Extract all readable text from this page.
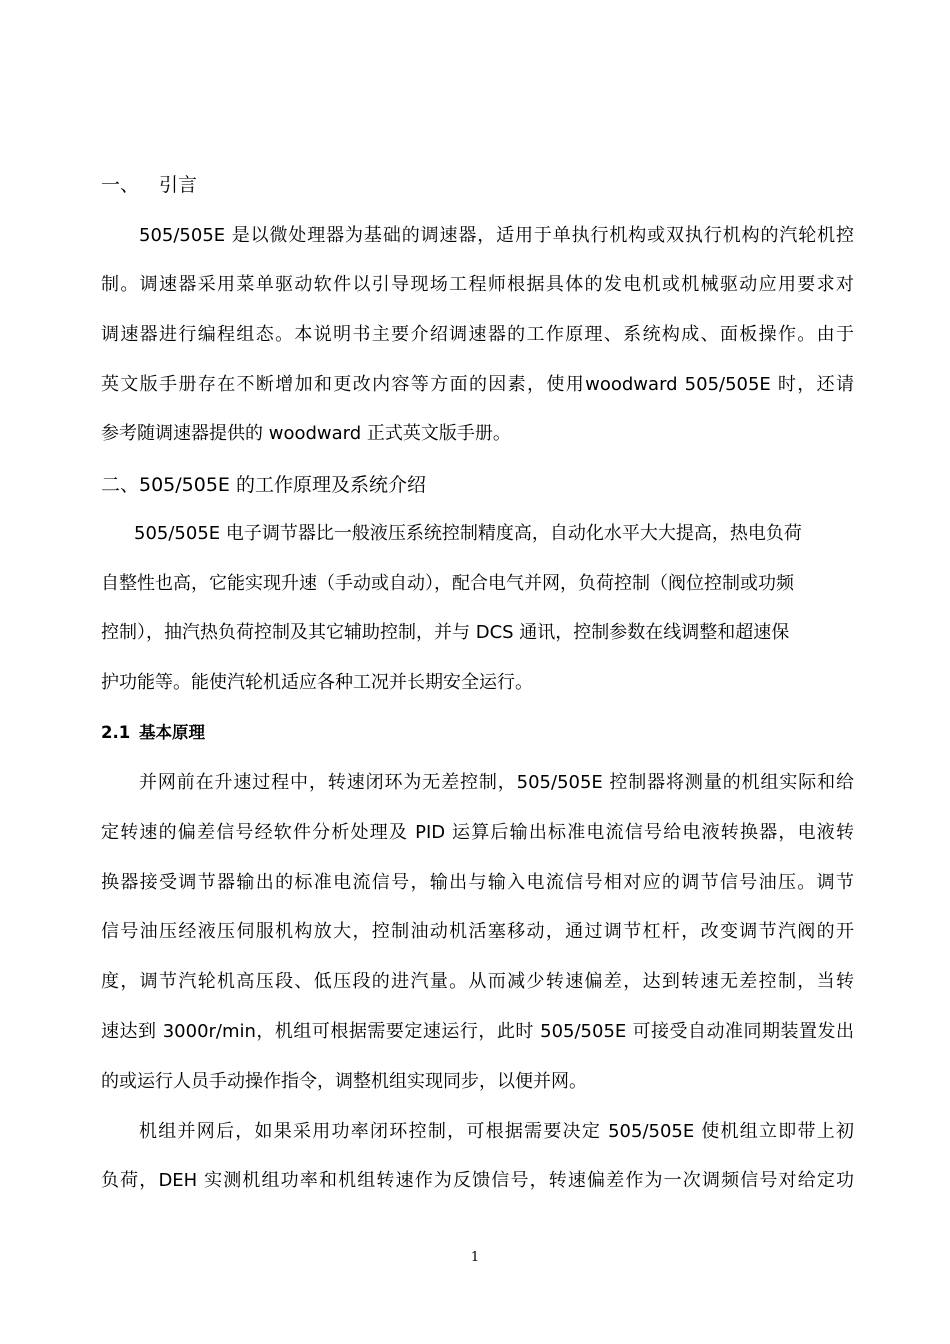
一、 引言

505/505E 是以微处理器为基础的调速器，适用于单执行机构或双执行机构的汽轮机控

制。调速器采用菜单驱动软件以引导现场工程师根据具体的发电机或机械驱动应用要求对

调速器进行编程组态。本说明书主要介绍调速器的工作原理、系统构成、面板操作。由于

英文版手册存在不断增加和更改内容等方面的因素，使用woodward 505/505E 时，还请

参考随调速器提供的 woodward 正式英文版手册。

二、505/505E 的工作原理及系统介绍

505/505E 电子调节器比一般液压系统控制精度高，自动化水平大大提高，热电负荷

自整性也高，它能实现升速（手动或自动），配合电气并网，负荷控制（阀位控制或功频

控制），抽汽热负荷控制及其它辅助控制，并与 DCS 通讯，控制参数在线调整和超速保

护功能等。能使汽轮机适应各种工况并长期安全运行。

2.1 基本原理

并网前在升速过程中，转速闭环为无差控制，505/505E 控制器将测量的机组实际和给

定转速的偏差信号经软件分析处理及 PID 运算后输出标准电流信号给电液转换器，电液转

换器接受调节器输出的标准电流信号，输出与输入电流信号相对应的调节信号油压。调节

信号油压经液压伺服机构放大，控制油动机活塞移动，通过调节杠杆，改变调节汽阀的开

度，调节汽轮机高压段、低压段的进汽量。从而减少转速偏差，达到转速无差控制，当转

速达到 3000r/min，机组可根据需要定速运行，此时 505/505E 可接受自动准同期装置发出

的或运行人员手动操作指令，调整机组实现同步，以便并网。

机组并网后，如果采用功率闭环控制，可根据需要决定 505/505E 使机组立即带上初

负荷，DEH 实测机组功率和机组转速作为反馈信号，转速偏差作为一次调频信号对给定功

1
